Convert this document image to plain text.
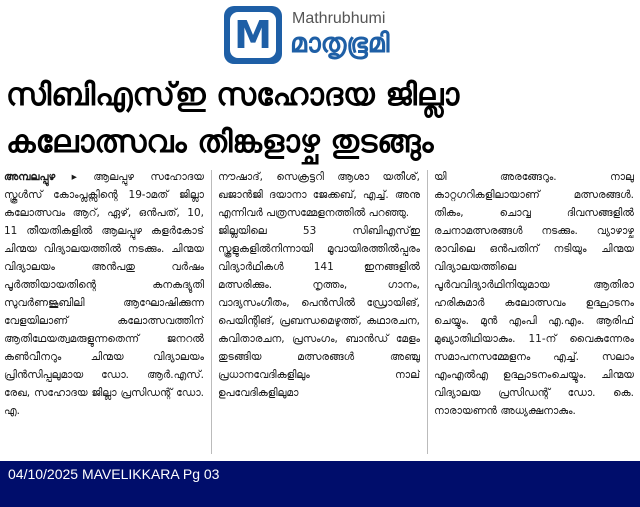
M Mathrubhumi
മാതൃഭൂമി
സിബിഎസ്ഇ സഹോദയ ജില്ലാ
കലോത്സവം തിങ്കളാഴ്ച തുടങ്ങും

അമ്പലപ്പുഴ ▸ ആലപ്പുഴ സഹോദയ സ്കൂൾസ് കോംപ്ലക്സിന്റെ 19-ാമത് ജില്ലാ കലോത്സവം ആറ്, ഏഴ്, ഒൻപത്, 10, 11 തീയതികളിൽ ആലപ്പുഴ കളർകോട് ചിന്മയ വിദ്യാലയത്തിൽ നടക്കും. ചിന്മയ വിദ്യാലയം അൻപതു വർഷം പൂർത്തിയായതിന്റെ കനകദ്യുതി സുവർണജൂബിലി ആഘോഷിക്കുന്ന വേളയിലാണ് കലോത്സവത്തിന് ആതിഥേയത്വമരുളുന്നതെന്ന് ജനറൽ കൺവീനറും ചിന്മയ വിദ്യാലയം പ്രിൻസിപ്പലുമായ ഡോ. ആർ.എസ്. രേഖ, സഹോദയ ജില്ലാ പ്രസിഡന്റ് ഡോ. എ.

നൗഷാദ്, സെക്രട്ടറി ആശാ യതീശ്, ഖജാൻജി ദയാനാ ജേക്കബ്, എച്ച്. അനു എന്നിവർ പത്രസമ്മേളനത്തിൽ പറഞ്ഞു.

ജില്ലയിലെ 53 സിബിഎസ്ഇ സ്കൂളുകളിൽനിന്നായി മൂവായിരത്തിൽപ്പരം വിദ്യാർഥികൾ 141 ഇനങ്ങളിൽ മത്സരിക്കും. നൃത്തം, ഗാനം, വാദ്യസംഗീതം, പെൻസിൽ ഡ്രോയിങ്, പെയിന്റിങ്, പ്രബന്ധമെഴുത്ത്, കഥാരചന, കവിതാരചന, പ്രസംഗം, ബാൻഡ് മേളം തുടങ്ങിയ മത്സരങ്ങൾ അഞ്ചു പ്രധാനവേദികളിലും നാല് ഉപവേദികളിലുമാ

യി അരങ്ങേറും. നാലു കാറ്റഗറികളിലായാണ് മത്സരങ്ങൾ. തികം, ചൊവ്വ ദിവസങ്ങളിൽ രചനാമത്സരങ്ങൾ നടക്കും. വ്യാഴാഴ്ച രാവിലെ ഒൻപതിന് നടിയും ചിന്മയ വിദ്യാലയത്തിലെ പൂർവവിദ്യാർഥിനിയുമായ ആതിരാ ഹരികുമാർ കലോത്സവം ഉദ്ഘാടനം ചെയ്യും. മുൻ എംപി എ.എം. ആരിഫ് മുഖ്യാതിഥിയാകും. 11-ന് വൈകുന്നേരം സമാപനസമ്മേളനം എച്ച്. സലാം എംഎൽഎ ഉദ്ഘാടനംചെയ്യും. ചിന്മയ വിദ്യാലയ പ്രസിഡന്റ് ഡോ. കെ. നാരായണൻ അധ്യക്ഷനാകും.

04/10/2025 MAVELIKKARA Pg 03
